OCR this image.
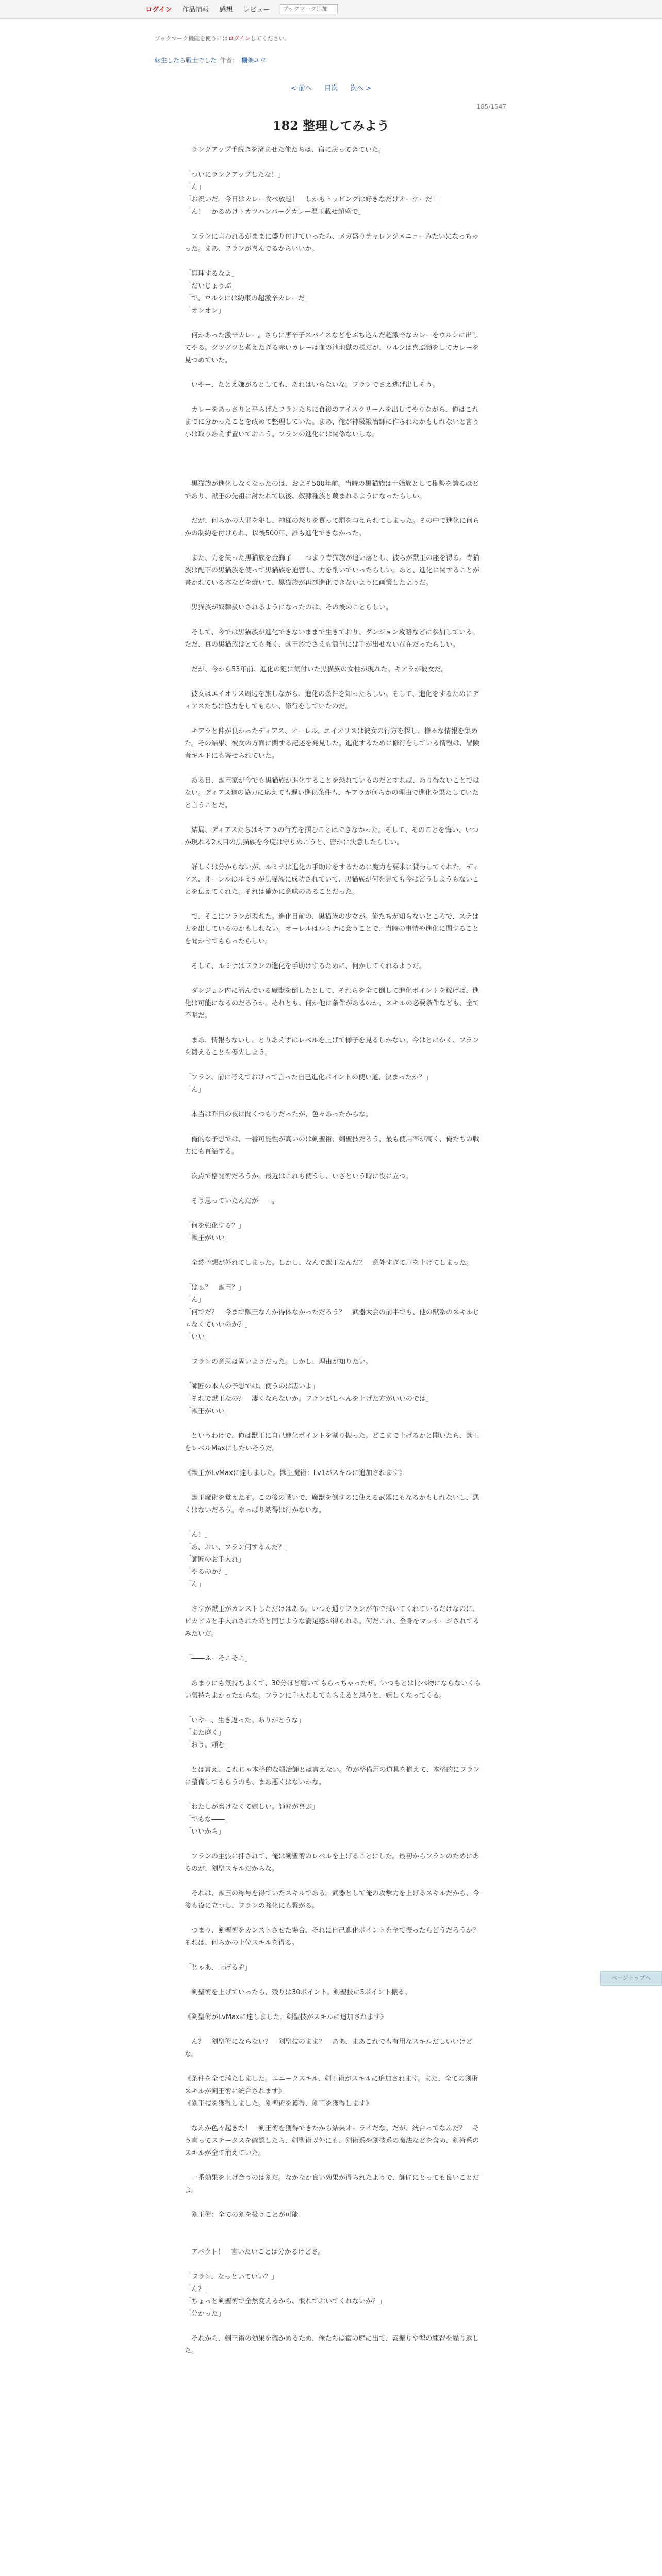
ログイン 作品情報 感想 レビュー
ブックマーク追加
ブックマーク機能を使うにはログインしてください。
転生したら戦士でした 作者： 棚架ユウ
< 前へ 目次 次へ >
185/1547
182 整理してみよう

　ランクアップ手続きを済ませた俺たちは、宿に戻ってきていた。

「ついにランクアップしたな！」

「ん」

「お祝いだ。今日はカレー食べ放題！　しかもトッピングは好きなだけオーケーだ！」

「ん！　かるめけトカツハンバーグカレー温玉載せ超盛で」

　フランに言われるがままに盛り付けていったら、メガ盛りチャレンジメニューみたいになっちゃった。まあ、フランが喜んでるからいいか。

「無理するなよ」

「だいじょうぶ」

「で、ウルシには約束の超激辛カレーだ」

「オンオン」

　何かあった激辛カレー。さらに唐辛子スパイスなどをぶち込んだ超激辛なカレーをウルシに出してやる。グツグツと煮えたぎる赤いカレーは血の池地獄の様だが、ウルシは喜ぶ顔をしてカレーを見つめていた。

　いやー、たとえ嫌がるとしても、あれはいらないな。フランでさえ逃げ出しそう。

　カレーをあっさりと平らげたフランたちに食後のアイスクリームを出してやりながら、俺はこれまでに分かったことを改めて整理していた。まあ、俺が神級鍛冶師に作られたかもしれないと言う小は取りあえず置いておこう。フランの進化には関係ないしな。

　黒猫族が進化しなくなったのは、およそ500年前。当時の黒猫族は十始族として権勢を誇るほどであり、獣王の先祖に討たれて以後、奴隷種族と蔑まれるようになったらしい。

　だが、何らかの大罪を犯し、神様の怒りを買って罰を与えられてしまった。その中で進化に何らかの制約を付けられ、以後500年、誰も進化できなかった。

　また、力を失った黒猫族を金獅子――つまり青猫族が追い落とし、彼らが獣王の座を得る。青猫族は配下の黒猫族を使って黒猫族を迫害し、力を削いでいったらしい。あと、進化に関することが書かれている本などを焼いて、黒猫族が再び進化できないように画策したようだ。

　黒猫族が奴隷扱いされるようになったのは、その後のことらしい。

　そして、今では黒猫族が進化できないままで生きており、ダンジョン攻略などに参加している。ただ、真の黒猫族はとても強く、獣王族でさえも簡単には手が出せない存在だったらしい。

　だが、今から53年前、進化の鍵に気付いた黒猫族の女性が現れた。キアラが彼女だ。

　彼女はエイオリス周辺を旅しながら、進化の条件を知ったらしい。そして、進化をするためにディアスたちに協力をしてもらい、修行をしていたのだ。

　キアラと仲が良かったディアス、オーレル、エイオリスは彼女の行方を探し、様々な情報を集めた。その結果、彼女の方面に関する記述を発見した。進化するために修行をしている情報は、冒険者ギルドにも寄せられていた。

　ある日、獣王家が今でも黒猫族が進化することを恐れているのだとすれば、あり得ないことではない。ディアス達の協力に応えても遅い進化条件も、キアラが何らかの理由で進化を果たしていたと言うことだ。

　結局、ディアスたちはキアラの行方を掴むことはできなかった。そして、そのことを悔い、いつか現れる2人目の黒猫族を今度は守りぬこうと、密かに決意したらしい。

　詳しくは分からないが、ルミナは進化の手助けをするために魔力を要求に貸与してくれた。ディアス、オーレルはルミナが黒猫族に成功されていて、黒猫族が何を見ても今はどうしようもないことを伝えてくれた。それは確かに意味のあることだった。

　で、そこにフランが現れた。進化目前の、黒猫族の少女が。俺たちが知らないところで、ステは力を出しているのかもしれない。オーレルはルミナに会うことで、当時の事情や進化に関することを聞かせてもらったらしい。

　そして、ルミナはフランの進化を手助けするために、何かしてくれるようだ。

　ダンジョン内に潜んでいる魔獣を倒したとして、それらを全て倒して進化ポイントを稼げば、進化は可能になるのだろうか。それとも、何か他に条件があるのか。スキルの必要条件なども、全て不明だ。

　まあ、情報もないし、とりあえずはレベルを上げて様子を見るしかない。今はとにかく、フランを鍛えることを優先しよう。

「フラン、前に考えておけって言った自己進化ポイントの使い道、決まったか？」

「ん」

　本当は昨日の夜に聞くつもりだったが、色々あったからな。

　俺的な予想では、一番可能性が高いのは剣聖術、剣聖技だろう。最も使用率が高く、俺たちの戦力にも直結する。

　次点で格闘術だろうか。最近はこれも使うし、いざという時に役に立つ。

　そう思っていたんだが――。

「何を強化する？」

「獣王がいい」

　全然予想が外れてしまった。しかし、なんで獣王なんだ？　意外すぎて声を上げてしまった。

「はぁ？　獣王？」

「ん」

「何でだ？　今まで獣王なんか得体なかっただろう？　武器大会の前半でも、他の獣系のスキルじゃなくていいのか？」

「いい」

　フランの意思は固いようだった。しかし、理由が知りたい。

「師匠の本人の予想では、使うのは凄いよ」

「それで獣王なの？　凄くならないか。フランがしへんを上げた方がいいのでは」

「獣王がいい」

　というわけで、俺は獣王に自己進化ポイントを割り振った。どこまで上げるかと聞いたら、獣王をレベルMaxにしたいそうだ。

《獣王がLvMaxに達しました。獣王魔術：Lv1がスキルに追加されます》

　獣王魔術を覚えたぞ。この後の戦いで、魔獣を倒すのに使える武器にもなるかもしれないし、悪くはないだろう。やっぱり納得は行かないな。

「ん！」

「あ、おい、フラン何するんだ？」

「師匠のお手入れ」

「やるのか？」

「ん」

　さすが獣王がカンストしただけはある。いつも通りフランが布で拭いてくれているだけなのに、ピカピカと手入れされた時と同じような満足感が得られる。何だこれ、全身をマッサージされてるみたいだ。

「――ふーそこそこ」

　あまりにも気持ちよくて、30分ほど磨いてもらっちゃったぜ。いつもとは比べ物にならないくらい気持ちよかったからな。フランに手入れしてもらえると思うと、嬉しくなってくる。

「いやー、生き返った。ありがとうな」

「また磨く」

「おう。頼む」

　とは言え、これじゃ本格的な鍛冶師とは言えない。俺が整備用の道具を揃えて、本格的にフランに整備してもらうのも、まあ悪くはないかな。

「わたしが磨けなくて嬉しい。師匠が喜ぶ」

「でもな――」

「いいから」

　フランの主張に押されて、俺は剣聖術のレベルを上げることにした。最初からフランのためにあるのが、剣聖スキルだからな。

　それは、獣王の称号を得ていたスキルである。武器として俺の攻撃力を上げるスキルだから、今後も役に立つし、フランの強化にも繋がる。

　つまり、剣聖術をカンストさせた場合、それに自己進化ポイントを全て振ったらどうだろうか？　それは、何らかの上位スキルを得る。

「じゃあ、上げるぞ」

　剣聖術を上げていったら、残りは30ポイント。剣聖技に5ポイント振る。

《剣聖術がLvMaxに達しました。剣聖技がスキルに追加されます》

　ん？　剣聖術にならない？　剣聖技のまま？　ああ、まあこれでも有用なスキルだしいいけどな。

《条件を全て満たしました。ユニークスキル、剣王術がスキルに追加されます。また、全ての剣術スキルが剣王術に統合されます》

《剣王技を獲得しました。剣聖術を獲得、剣王を獲得します》

　なんか色々起きた！　剣王術を獲得できたから結果オーライだな。だが、統合ってなんだ？　そう言ってステータスを確認したら、剣聖術以外にも、剣術系や剣技系の魔法などを含め、剣術系のスキルが全て消えていた。

　一番効果を上げ合うのは剣だ。なかなか良い効果が得られたようで、師匠にとっても良いことだよ。

　剣王術：全ての剣を扱うことが可能

　アバウト！　言いたいことは分かるけどさ。

「フラン、なっといていい？」

「ん？」

「ちょっと剣聖術で全然変えるから、慣れておいてくれないか？」

「分かった」

　それから、剣王術の効果を確かめるため、俺たちは宿の庭に出て、素振りや型の練習を繰り返した。

ページトップへ
